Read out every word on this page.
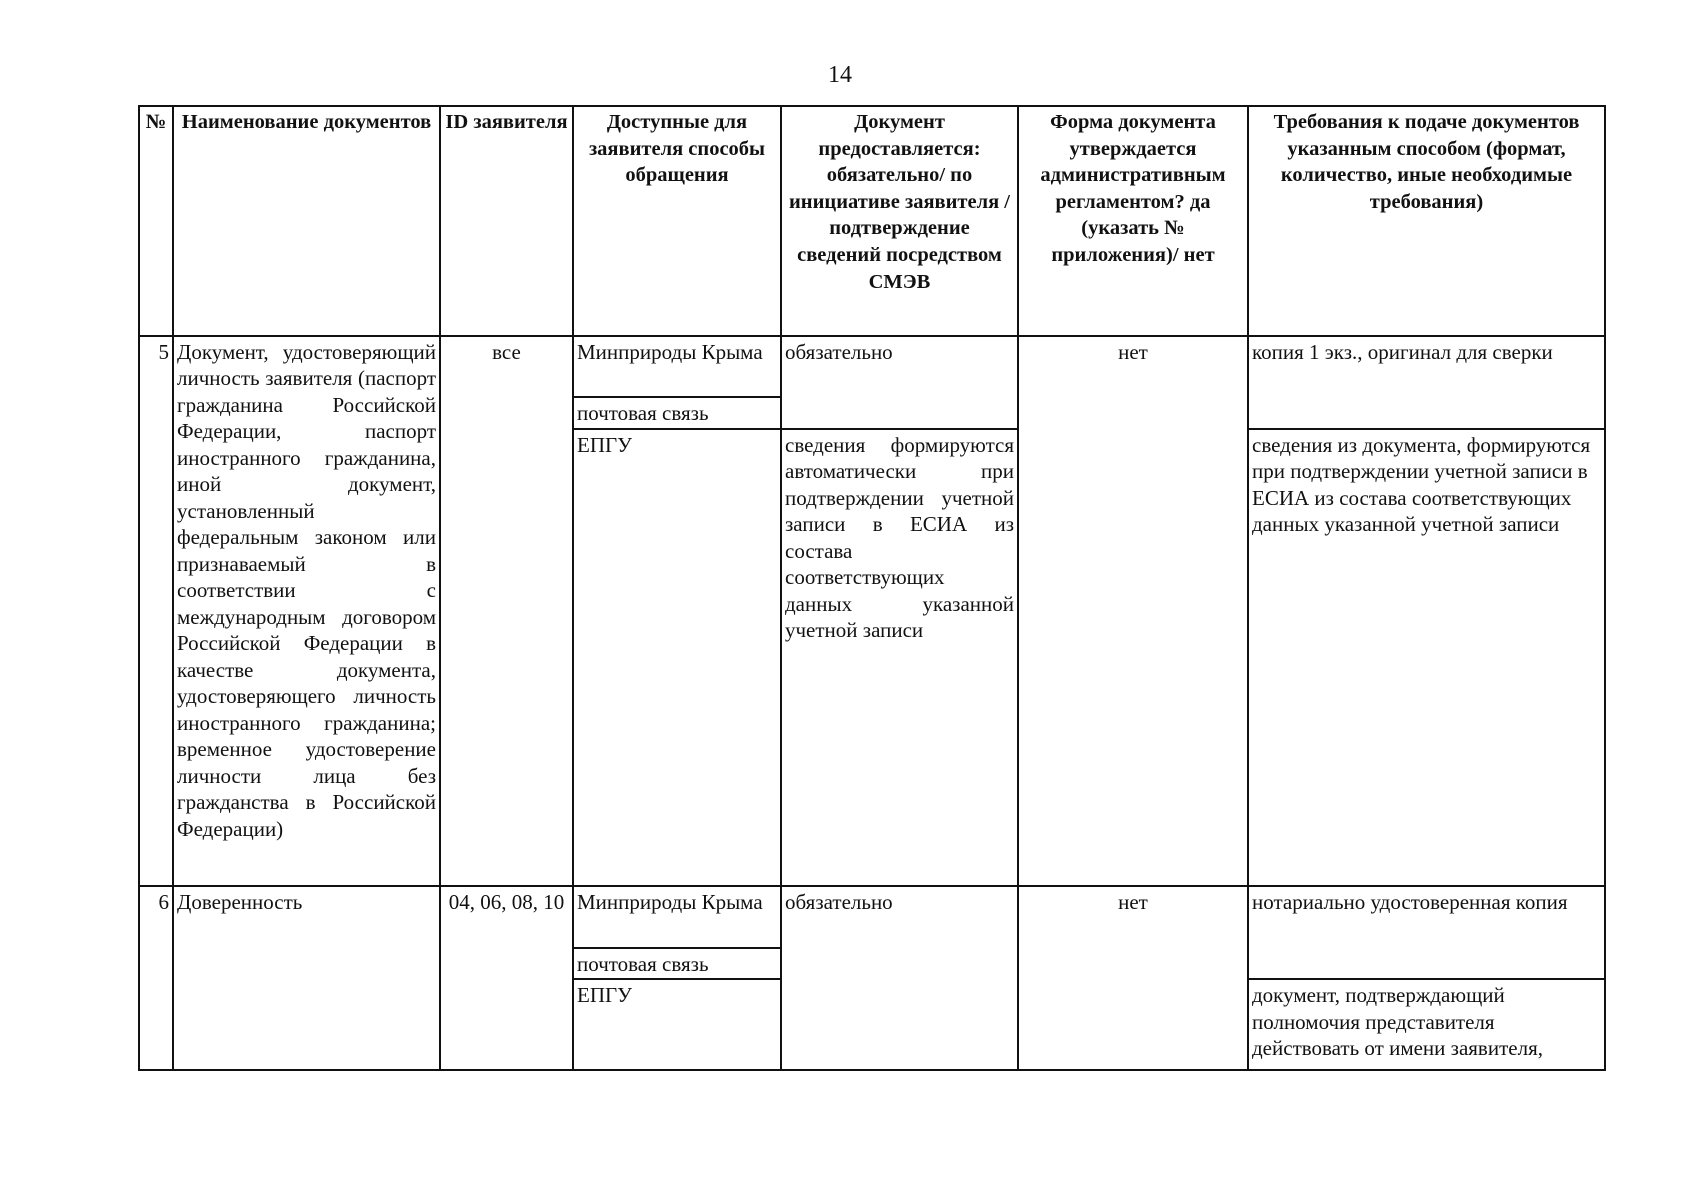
14
№	Наименование документов	ID заявителя	Доступные для заявителя способы обращения	Документ предоставляется: обязательно/ по инициативе заявителя /подтверждение сведений посредством СМЭВ	Форма документа утверждается административным регламентом? да (указать № приложения)/ нет	Требования к подаче документов указанным способом (формат, количество, иные необходимые требования)
5	Документ, удостоверяющий личность заявителя (паспорт гражданина Российской Федерации, паспорт иностранного гражданина, иной документ, установленный федеральным законом или признаваемый в соответствии с международным договором Российской Федерации в качестве документа, удостоверяющего личность иностранного гражданина; временное удостоверение личности лица без гражданства в Российской Федерации)	все	Минприроды Крыма	обязательно	нет	копия 1 экз., оригинал для сверки
			почтовая связь			
			ЕПГУ	сведения формируются автоматически при подтверждении учетной записи в ЕСИА из состава соответствующих данных указанной учетной записи		сведения из документа, формируются при подтверждении учетной записи в ЕСИА из состава соответствующих данных указанной учетной записи
6	Доверенность	04, 06, 08, 10	Минприроды Крыма	обязательно	нет	нотариально удостоверенная копия
			почтовая связь			
			ЕПГУ			документ, подтверждающий полномочия представителя действовать от имени заявителя,
